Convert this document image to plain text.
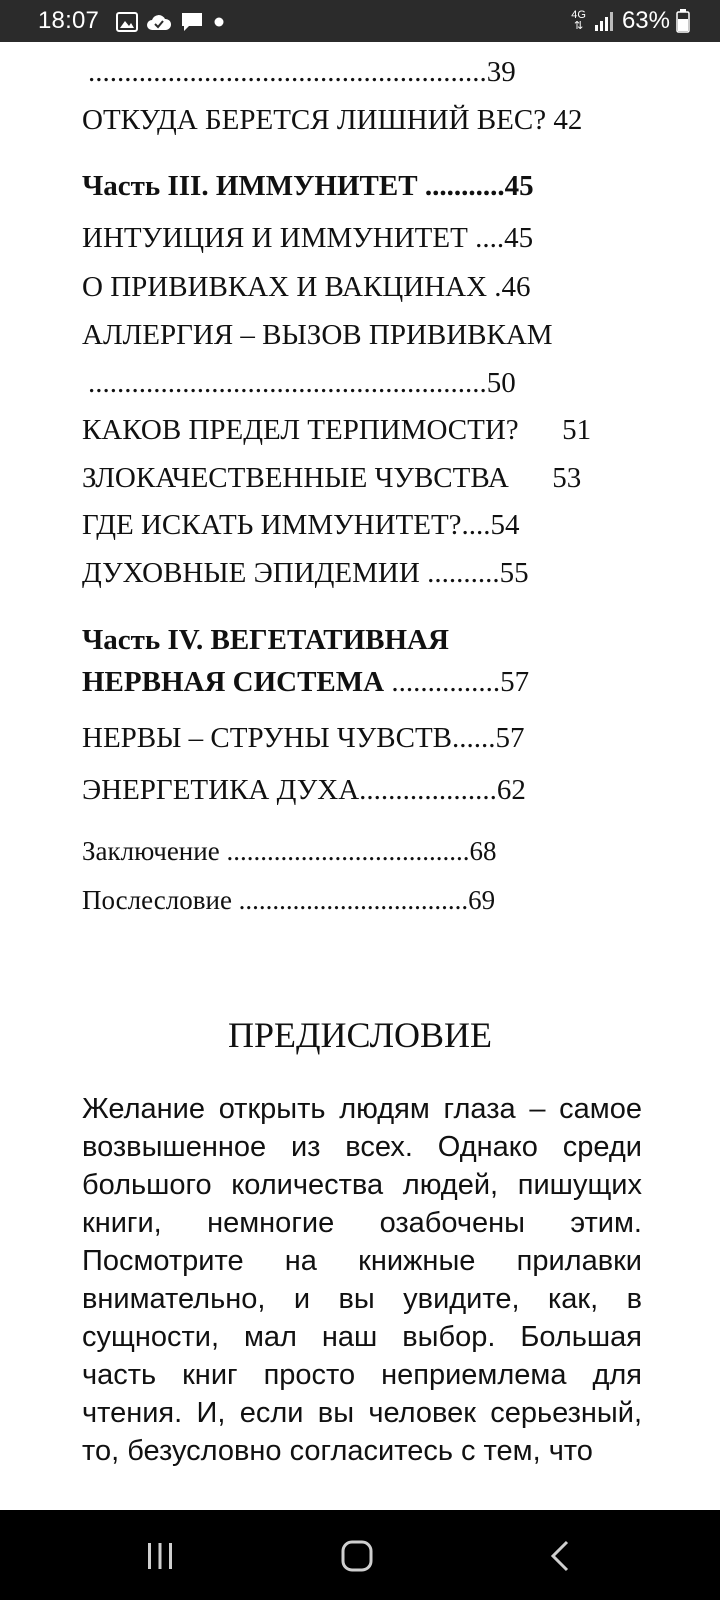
18:07	4G
⇅ 63%
.......................................................39
ОТКУДА БЕРЕТСЯ ЛИШНИЙ ВЕС? 42
Часть III. ИММУНИТЕТ ...........45
ИНТУИЦИЯ И ИММУНИТЕТ ....45
О ПРИВИВКАХ И ВАКЦИНАХ .46
АЛЛЕРГИЯ – ВЫЗОВ ПРИВИВКАМ
.......................................................50
КАКОВ ПРЕДЕЛ ТЕРПИМОСТИ?      51
ЗЛОКАЧЕСТВЕННЫЕ ЧУВСТВА      53
ГДЕ ИСКАТЬ ИММУНИТЕТ?....54
ДУХОВНЫЕ ЭПИДЕМИИ ..........55
Часть IV. ВЕГЕТАТИВНАЯ
НЕРВНАЯ СИСТЕМА ...............57
НЕРВЫ – СТРУНЫ ЧУВСТВ......57
ЭНЕРГЕТИКА ДУХА...................62
Заключение ....................................68
Послесловие ..................................69
ПРЕДИСЛОВИЕ
Желание открыть людям глаза – самое возвышенное из всех. Однако среди большого количества людей, пишущих книги, немногие озабочены этим. Посмотрите на книжные прилавки внимательно, и вы увидите, как, в сущности, мал наш выбор. Большая часть книг просто неприемлема для чтения. И, если вы человек серьезный, то, безусловно согласитесь с тем, что
